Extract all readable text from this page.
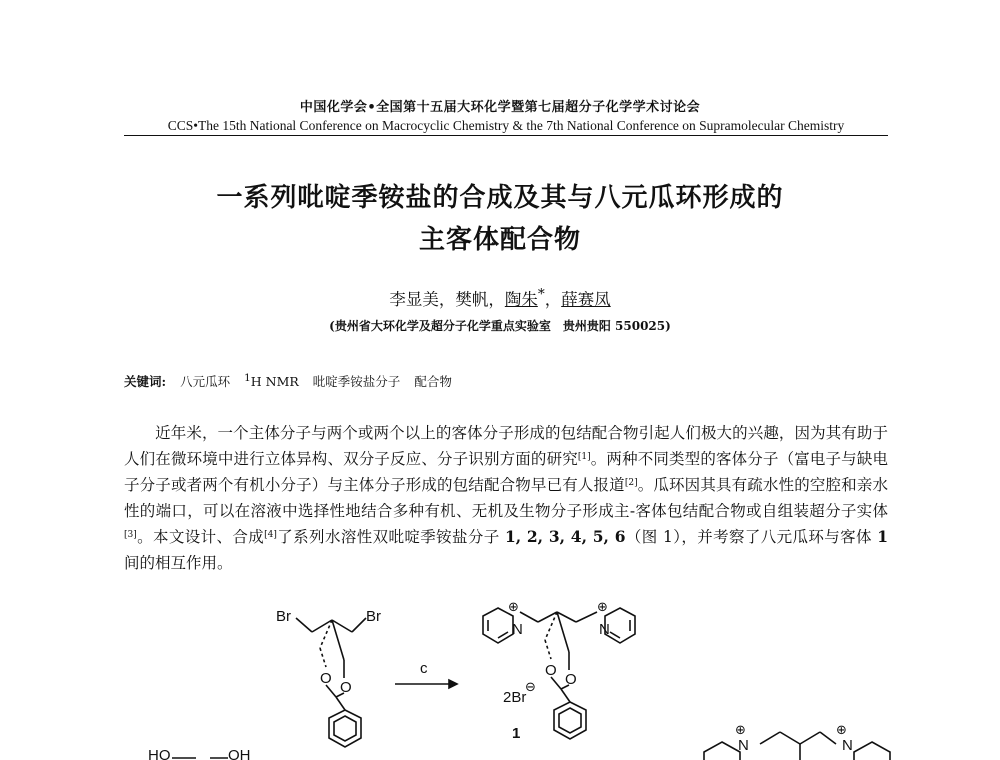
中国化学会•全国第十五届大环化学暨第七届超分子化学学术讨论会
CCS•The 15th National Conference on Macrocyclic Chemistry & the 7th National Conference on Supramolecular Chemistry
一系列吡啶季铵盐的合成及其与八元瓜环形成的
主客体配合物
李显美，樊帆，陶朱*，薛赛凤
(贵州省大环化学及超分子化学重点实验室　贵州贵阳 550025)
关键词: 八元瓜环 $^1$H NMR 吡啶季铵盐分子 配合物
　　近年米，一个主体分子与两个或两个以上的客体分子形成的包结配合物引起人们极大的兴趣，因为其有助于人们在微环境中进行立体异构、双分子反应、分子识别方面的研究[1]。两种不同类型的客体分子（富电子与缺电子分子或者两个有机小分子）与主体分子形成的包结配合物早已有人报道[2]。瓜环因其具有疏水性的空腔和亲水性的端口，可以在溶液中选择性地结合多种有机、无机及生物分子形成主-客体包结配合物或自组装超分子实体[3]。本文设计、合成[4]了系列水溶性双吡啶季铵盐分子 1, 2, 3, 4, 5, 6（图 1），并考察了八元瓜环与客体 1 间的相互作用。
Br	Br
O
O
c
N	N
⊕	⊕
O
O
2Br
⊖
1
HO	OH
N	N
⊕	⊕
